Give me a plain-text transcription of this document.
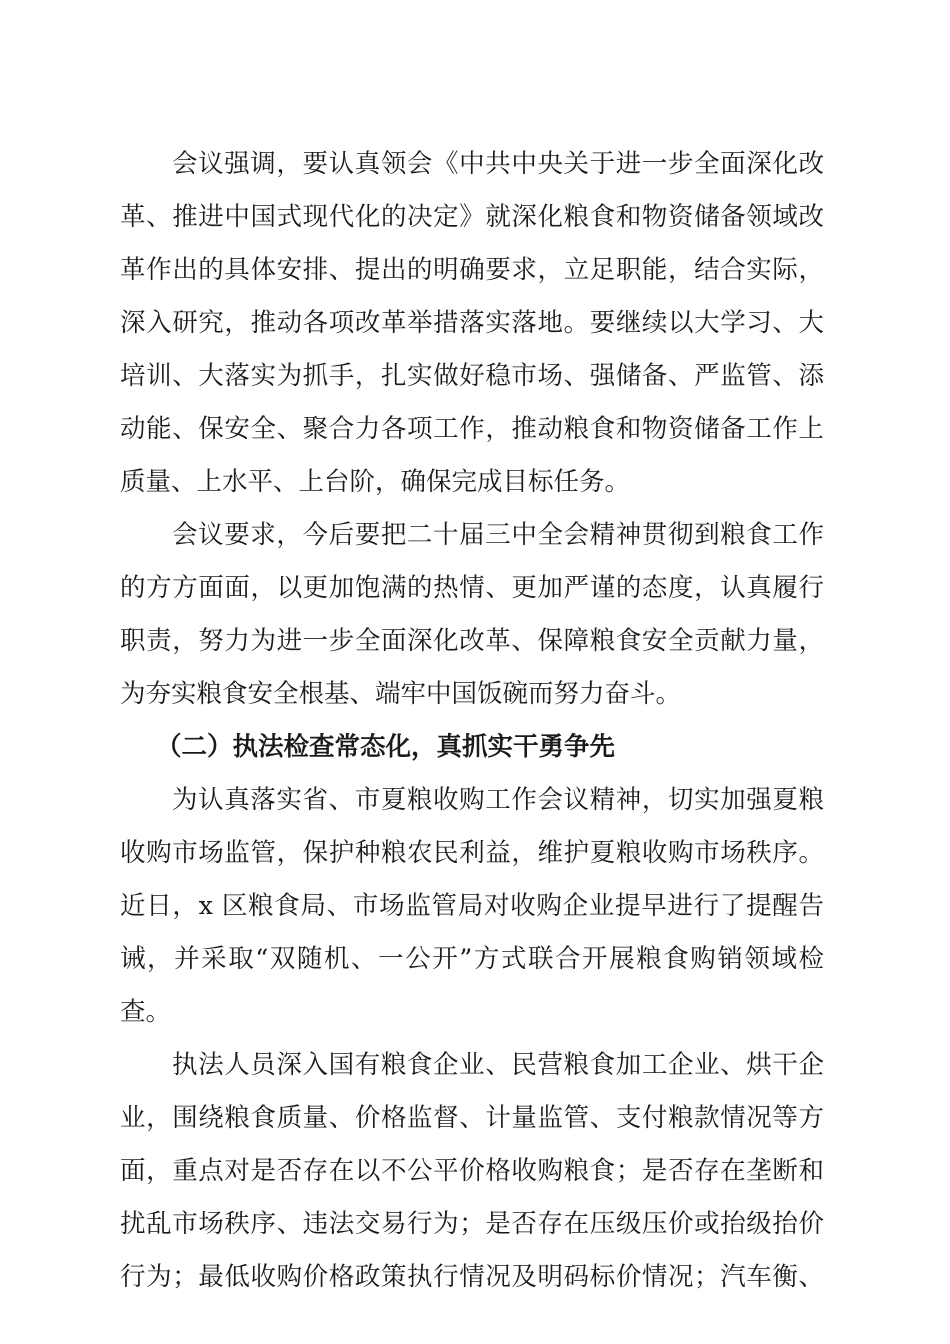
会议强调，要认真领会《中共中央关于进一步全面深化改
革、推进中国式现代化的决定》就深化粮食和物资储备领域改
革作出的具体安排、提出的明确要求，立足职能，结合实际，
深入研究，推动各项改革举措落实落地。要继续以大学习、大
培训、大落实为抓手，扎实做好稳市场、强储备、严监管、添
动能、保安全、聚合力各项工作，推动粮食和物资储备工作上
质量、上水平、上台阶，确保完成目标任务。
会议要求，今后要把二十届三中全会精神贯彻到粮食工作
的方方面面，以更加饱满的热情、更加严谨的态度，认真履行
职责，努力为进一步全面深化改革、保障粮食安全贡献力量，
为夯实粮食安全根基、端牢中国饭碗而努力奋斗。
（二）执法检查常态化，真抓实干勇争先
为认真落实省、市夏粮收购工作会议精神，切实加强夏粮
收购市场监管，保护种粮农民利益，维护夏粮收购市场秩序。
近日，x 区粮食局、市场监管局对收购企业提早进行了提醒告
诫，并采取“双随机、一公开”方式联合开展粮食购销领域检
查。
执法人员深入国有粮食企业、民营粮食加工企业、烘干企
业，围绕粮食质量、价格监督、计量监管、支付粮款情况等方
面，重点对是否存在以不公平价格收购粮食；是否存在垄断和
扰乱市场秩序、违法交易行为；是否存在压级压价或抬级抬价
行为；最低收购价格政策执行情况及明码标价情况；汽车衡、
